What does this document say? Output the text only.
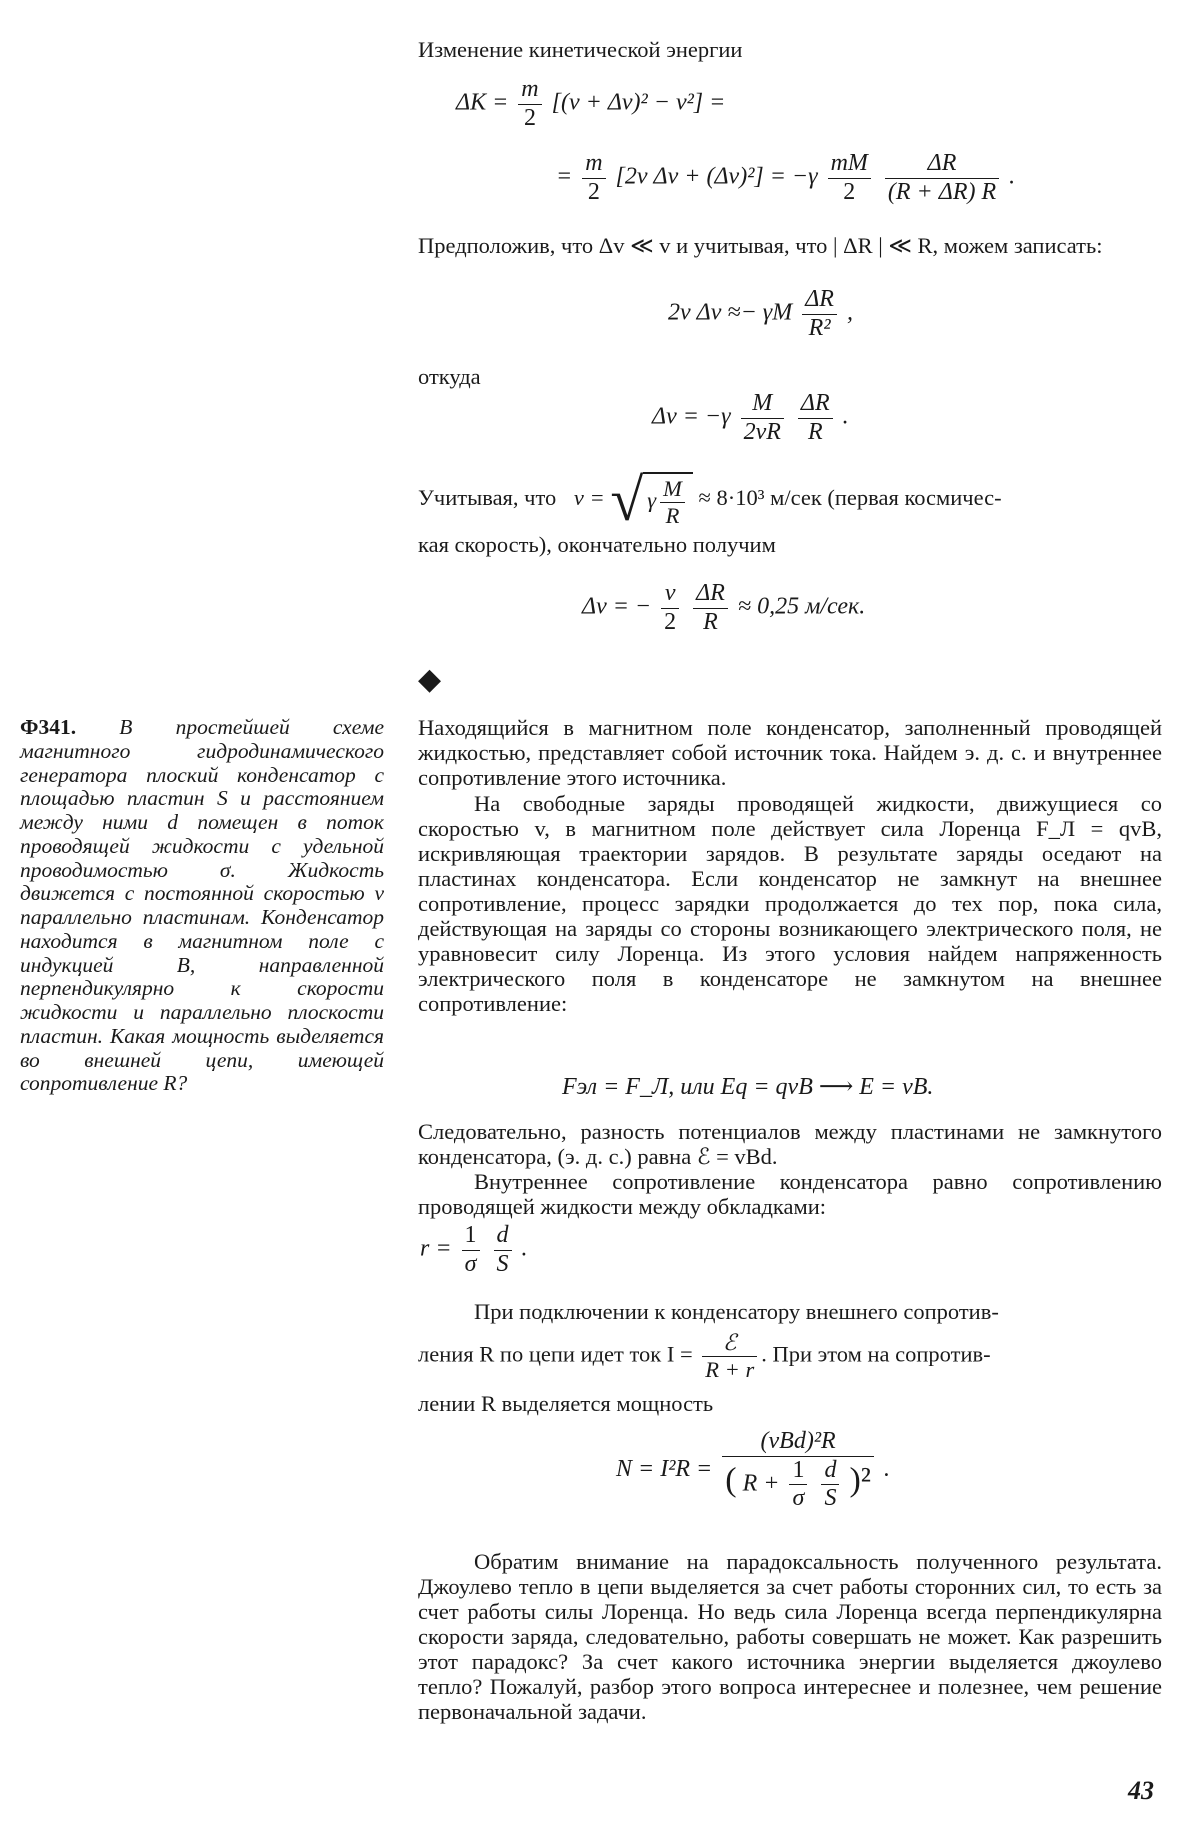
Изменение кинетической энергии

$\Delta K = \frac{m}{2} [(v + \Delta v)^2 - v^2]$ =
= $\frac{m}{2} [2v$ $\Delta v + (\Delta v)^2] = -\gamma \frac{mM}{2}$
$\frac{\Delta R}{(R + \Delta R) R}$ .

Предположив, что Δv ≪ v и учитывая, что | ΔR | ≪ R, можем записать:

2v Δv ≈− γM $\frac{\Delta R}{\text{R²}}$ ,

откуда

$\Delta v = -\gamma \frac{M}{2vR}$
$\frac{\Delta R}{R}$ .
Учитывая, что v = √ γ $\frac{M}{R} \approx 8\cdot 10^3$ м/сек (первая космичес-

кая скорость), окончательно получим

Δv = − $\frac{v}{2}$
$\frac{\Delta R}{R} \approx 0,25$ м/сек.
◆

Ф341. В простейшей схеме магнитного гидродинамического генератора плоский конденсатор с площадью пластин S и расстоянием между ними d помещен в поток проводящей жидкости с удельной проводимостью σ. Жидкость движется с постоянной скоростью v параллельно пластинам. Конденсатор находится в магнитном поле с индукцией B, направленной перпендикулярно к скорости жидкости и параллельно плоскости пластин. Какая мощность выделяется во внешней цепи, имеющей сопротивление R?

Находящийся в магнитном поле конденсатор, заполненный проводящей жидкостью, представляет собой источник тока. Найдем э. д. с. и внутреннее сопротивление этого источника.

На свободные заряды проводящей жидкости, движущиеся со скоростью v, в магнитном поле действует сила Лоренца F_Л = qvB, искривляющая траектории зарядов. В результате заряды оседают на пластинах конденсатора. Если конденсатор не замкнут на внешнее сопротивление, процесс зарядки продолжается до тех пор, пока сила, действующая на заряды со стороны возникающего электрического поля, не уравновесит силу Лоренца. Из этого условия найдем напряженность электрического поля в конденсаторе не замкнутом на внешнее сопротивление:

Fэл = F_Л, или Eq = qvB ⟶ E = vB.

Следовательно, разность потенциалов между пластинами не замкнутого конденсатора, (э. д. с.) равна ℰ = vBd.

Внутреннее сопротивление конденсатора равно сопротивлению проводящей жидкости между обкладками:

$r = \frac{1}{\sigma}$
$\frac{d}{S}$ .

При подключении к конденсатору внешнего сопротив-

ления R по цепи идет ток $I = \frac{\text{ℰ}}{R + r}$ . При этом на сопротив-

лении R выделяется мощность

N = I²R = (vBd)²R
( $R + \frac{1}{\sigma}$
$\frac{d}{S} )^2$ .

Обратим внимание на парадоксальность полученного результата. Джоулево тепло в цепи выделяется за счет работы сторонних сил, то есть за счет работы силы Лоренца. Но ведь сила Лоренца всегда перпендикулярна скорости заряда, следовательно, работы совершать не может. Как разрешить этот парадокс? За счет какого источника энергии выделяется джоулево тепло? Пожалуй, разбор этого вопроса интереснее и полезнее, чем решение первоначальной задачи.

43
